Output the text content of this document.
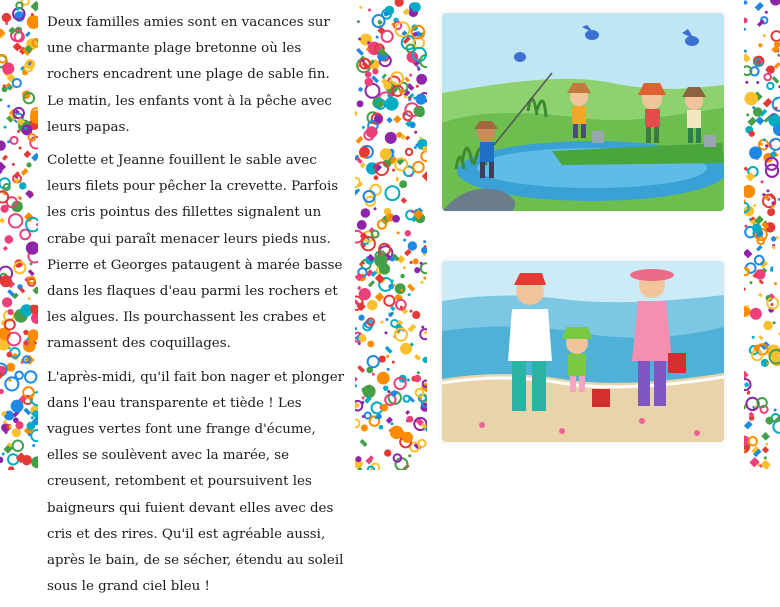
Deux familles amies sont en vacances sur une charmante plage bretonne où les rochers encadrent une plage de sable fin. Le matin, les enfants vont à la pêche avec leurs papas.

Colette et Jeanne fouillent le sable avec leurs filets pour pêcher la crevette. Parfois les cris pointus des fillettes signalent un crabe qui paraît menacer leurs pieds nus. Pierre et Georges pataugent à marée basse dans les flaques d'eau parmi les rochers et les algues. Ils pourchassent les crabes et ramassent des coquillages.

L'après-midi, qu'il fait bon nager et plonger dans l'eau transparente et tiède ! Les vagues vertes font une frange d'écume, elles se soulèvent avec la marée, se creusent, retombent et poursuivent les baigneurs qui fuient devant elles avec des cris et des rires. Qu'il est agréable aussi, après le bain, de se sécher, étendu au soleil sous le grand ciel bleu !
